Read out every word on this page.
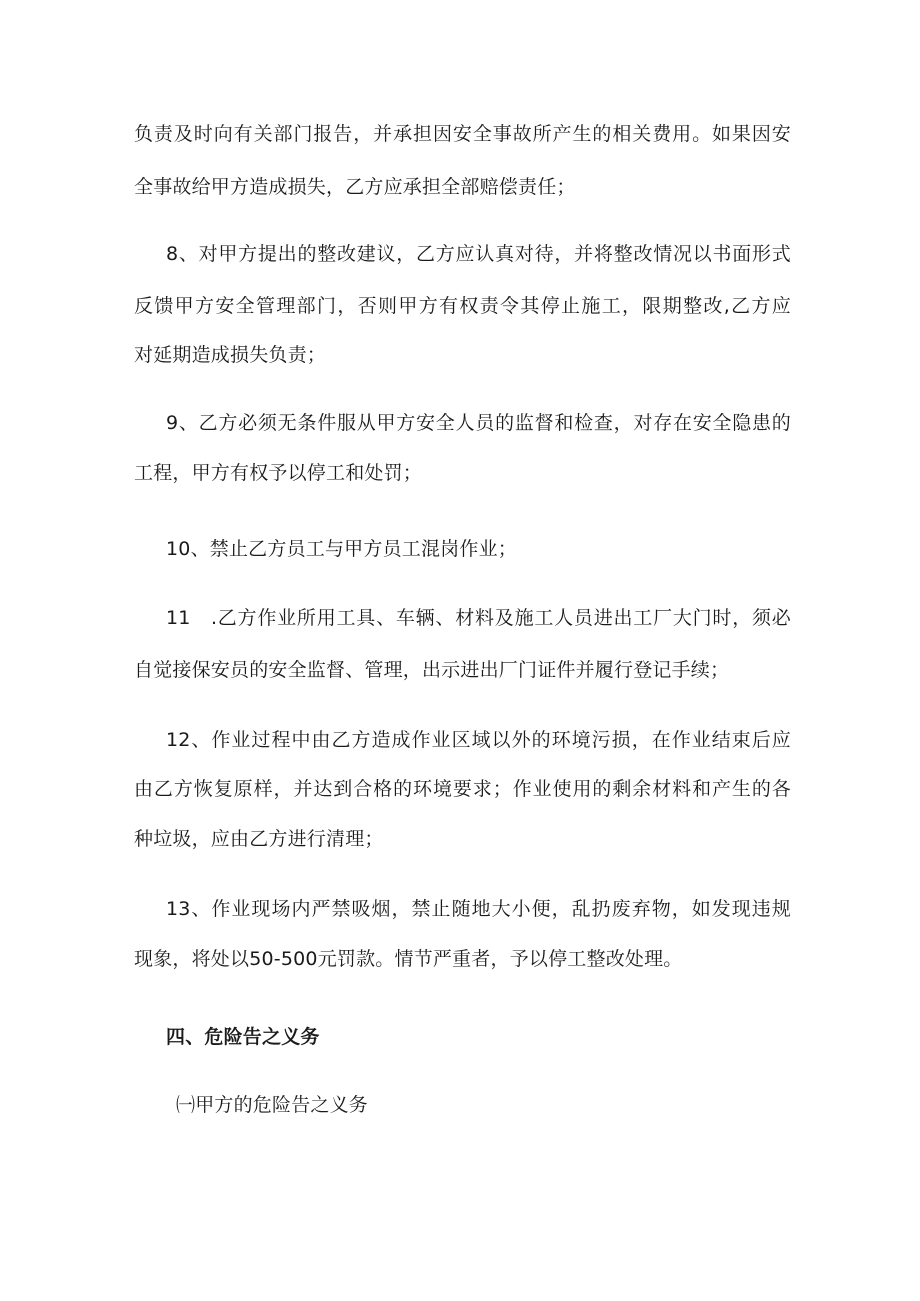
负责及时向有关部门报告，并承担因安全事故所产生的相关费用。如果因安
全事故给甲方造成损失，乙方应承担全部赔偿责任；
8、对甲方提出的整改建议，乙方应认真对待，并将整改情况以书面形式
反馈甲方安全管理部门，否则甲方有权责令其停止施工，限期整改,乙方应
对延期造成损失负责；
9、乙方必须无条件服从甲方安全人员的监督和检查，对存在安全隐患的
工程，甲方有权予以停工和处罚；
10、禁止乙方员工与甲方员工混岗作业；
11　.乙方作业所用工具、车辆、材料及施工人员进出工厂大门时，须必
自觉接保安员的安全监督、管理，出示进出厂门证件并履行登记手续；
12、作业过程中由乙方造成作业区域以外的环境污损，在作业结束后应
由乙方恢复原样，并达到合格的环境要求；作业使用的剩余材料和产生的各
种垃圾，应由乙方进行清理；
13、作业现场内严禁吸烟，禁止随地大小便，乱扔废弃物，如发现违规
现象，将处以50-500元罚款。情节严重者，予以停工整改处理。
四、危险告之义务
㈠甲方的危险告之义务
